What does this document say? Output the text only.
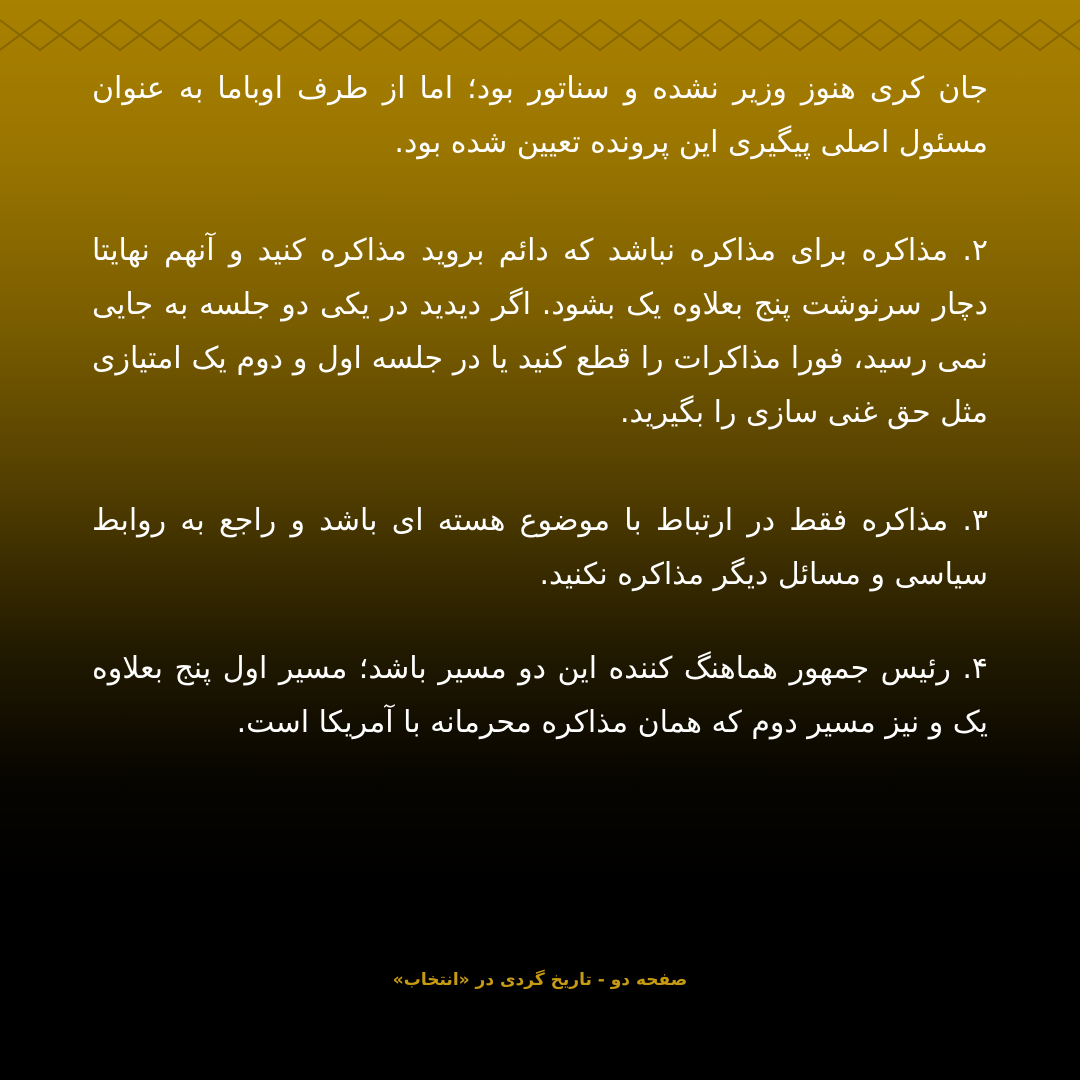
جان کری هنوز وزیر نشده و سناتور بود؛ اما از طرف اوباما به عنوان مسئول اصلی پیگیری این پرونده تعیین شده بود.

۲. مذاکره برای مذاکره نباشد که دائم بروید مذاکره کنید و آنهم نهایتا دچار سرنوشت پنج بعلاوه یک بشود. اگر دیدید در یکی دو جلسه به جایی نمی رسید، فورا مذاکرات را قطع کنید یا در جلسه اول و دوم یک امتیازی مثل حق غنی سازی را بگیرید.

۳. مذاکره فقط در ارتباط با موضوع هسته ای باشد و راجع به روابط سیاسی و مسائل دیگر مذاکره نکنید.

۴. رئیس جمهور هماهنگ کننده این دو مسیر باشد؛ مسیر اول پنج بعلاوه یک و نیز مسیر دوم که همان مذاکره محرمانه با آمریکا است.

صفحه دو - تاریخ گردی در «انتخاب»
